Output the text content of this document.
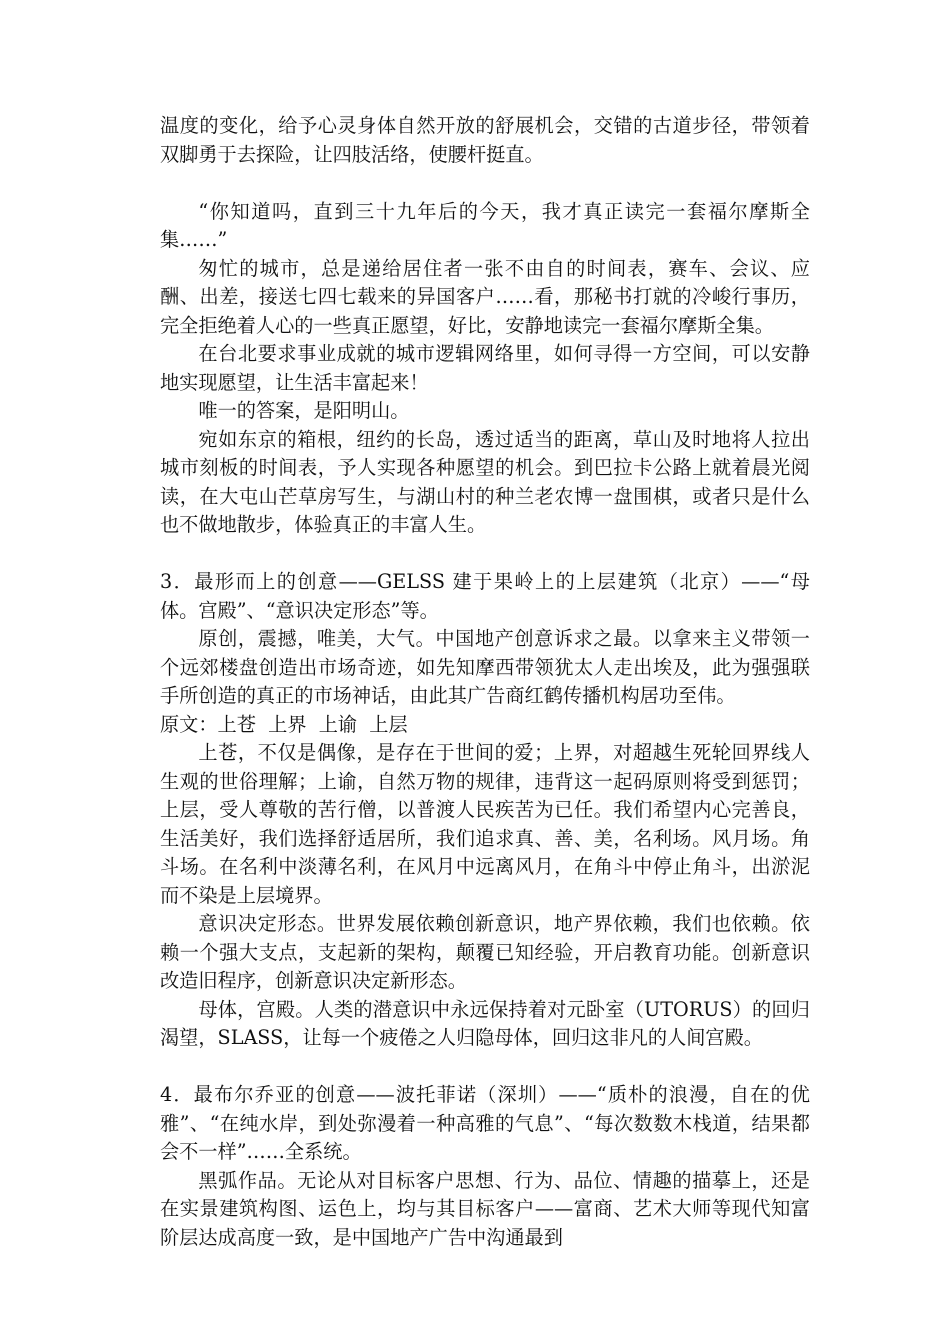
温度的变化，给予心灵身体自然开放的舒展机会，交错的古道步径，带领着双脚勇于去探险，让四肢活络，使腰杆挺直。

“你知道吗，直到三十九年后的今天，我才真正读完一套福尔摩斯全集……”

匆忙的城市，总是递给居住者一张不由自的时间表，赛车、会议、应酬、出差，接送七四七载来的异国客户……看，那秘书打就的冷峻行事历，完全拒绝着人心的一些真正愿望，好比，安静地读完一套福尔摩斯全集。

在台北要求事业成就的城市逻辑网络里，如何寻得一方空间，可以安静地实现愿望，让生活丰富起来！

唯一的答案，是阳明山。

宛如东京的箱根，纽约的长岛，透过适当的距离，草山及时地将人拉出城市刻板的时间表，予人实现各种愿望的机会。到巴拉卡公路上就着晨光阅读，在大屯山芒草房写生，与湖山村的种兰老农博一盘围棋，或者只是什么也不做地散步，体验真正的丰富人生。

3．最形而上的创意——GELSS 建于果岭上的上层建筑（北京）——“母体。宫殿”、“意识决定形态”等。

原创，震撼，唯美，大气。中国地产创意诉求之最。以拿来主义带领一个远郊楼盘创造出市场奇迹，如先知摩西带领犹太人走出埃及，此为强强联手所创造的真正的市场神话，由此其广告商红鹤传播机构居功至伟。

原文：上苍  上界  上谕  上层

上苍，不仅是偶像，是存在于世间的爱；上界，对超越生死轮回界线人生观的世俗理解；上谕，自然万物的规律，违背这一起码原则将受到惩罚；上层，受人尊敬的苦行僧，以普渡人民疾苦为已任。我们希望内心完善良，生活美好，我们选择舒适居所，我们追求真、善、美，名利场。风月场。角斗场。在名利中淡薄名利，在风月中远离风月，在角斗中停止角斗，出淤泥而不染是上层境界。

意识决定形态。世界发展依赖创新意识，地产界依赖，我们也依赖。依赖一个强大支点，支起新的架构，颠覆已知经验，开启教育功能。创新意识改造旧程序，创新意识决定新形态。

母体，宫殿。人类的潜意识中永远保持着对元卧室（UTORUS）的回归渴望，SLASS，让每一个疲倦之人归隐母体，回归这非凡的人间宫殿。

4．最布尔乔亚的创意——波托菲诺（深圳）——“质朴的浪漫，自在的优雅”、“在纯水岸，到处弥漫着一种高雅的气息”、“每次数数木栈道，结果都会不一样”……全系统。

黑弧作品。无论从对目标客户思想、行为、品位、情趣的描摹上，还是在实景建筑构图、运色上，均与其目标客户——富商、艺术大师等现代知富阶层达成高度一致，是中国地产广告中沟通最到
